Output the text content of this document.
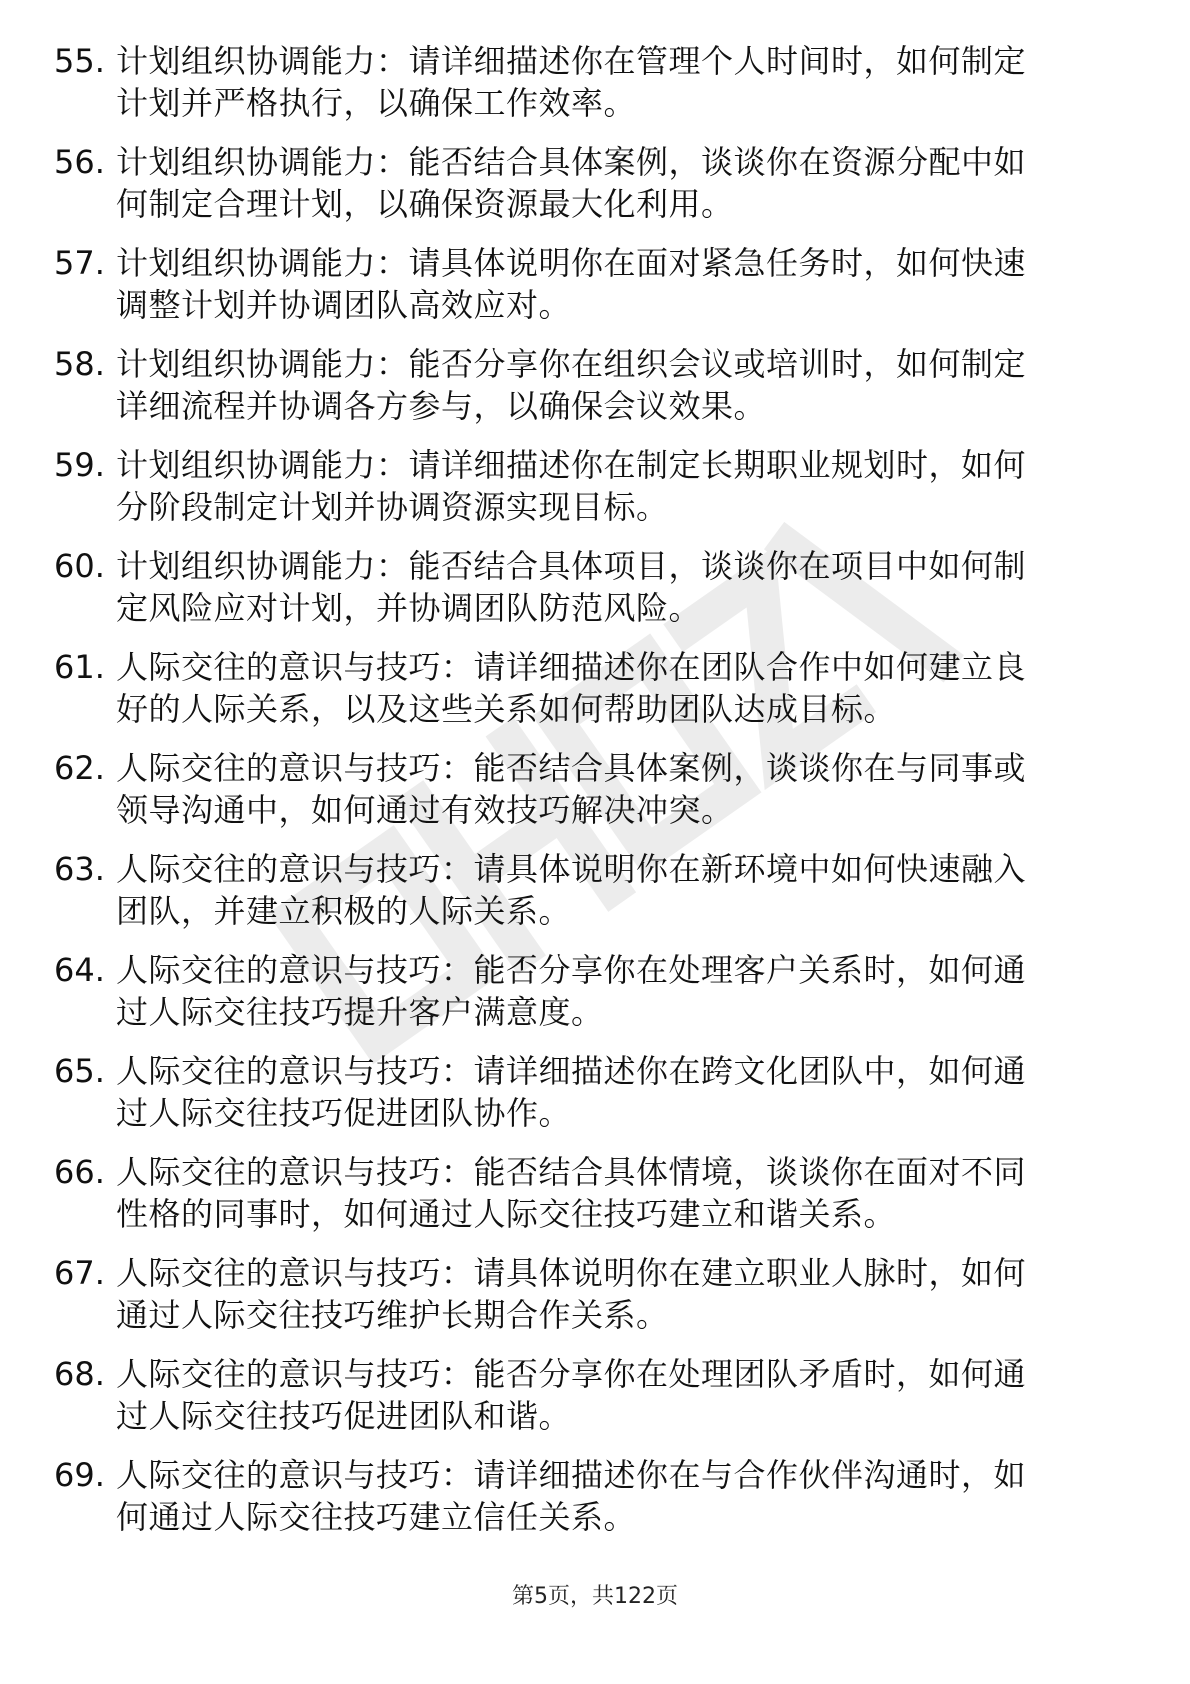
55. 计划组织协调能力：请详细描述你在管理个人时间时，如何制定计划并严格执行，以确保工作效率。
56. 计划组织协调能力：能否结合具体案例，谈谈你在资源分配中如何制定合理计划，以确保资源最大化利用。
57. 计划组织协调能力：请具体说明你在面对紧急任务时，如何快速调整计划并协调团队高效应对。
58. 计划组织协调能力：能否分享你在组织会议或培训时，如何制定详细流程并协调各方参与，以确保会议效果。
59. 计划组织协调能力：请详细描述你在制定长期职业规划时，如何分阶段制定计划并协调资源实现目标。
60. 计划组织协调能力：能否结合具体项目，谈谈你在项目中如何制定风险应对计划，并协调团队防范风险。
61. 人际交往的意识与技巧：请详细描述你在团队合作中如何建立良好的人际关系，以及这些关系如何帮助团队达成目标。
62. 人际交往的意识与技巧：能否结合具体案例，谈谈你在与同事或领导沟通中，如何通过有效技巧解决冲突。
63. 人际交往的意识与技巧：请具体说明你在新环境中如何快速融入团队，并建立积极的人际关系。
64. 人际交往的意识与技巧：能否分享你在处理客户关系时，如何通过人际交往技巧提升客户满意度。
65. 人际交往的意识与技巧：请详细描述你在跨文化团队中，如何通过人际交往技巧促进团队协作。
66. 人际交往的意识与技巧：能否结合具体情境，谈谈你在面对不同性格的同事时，如何通过人际交往技巧建立和谐关系。
67. 人际交往的意识与技巧：请具体说明你在建立职业人脉时，如何通过人际交往技巧维护长期合作关系。
68. 人际交往的意识与技巧：能否分享你在处理团队矛盾时，如何通过人际交往技巧促进团队和谐。
69. 人际交往的意识与技巧：请详细描述你在与合作伙伴沟通时，如何通过人际交往技巧建立信任关系。
第5页，共122页
